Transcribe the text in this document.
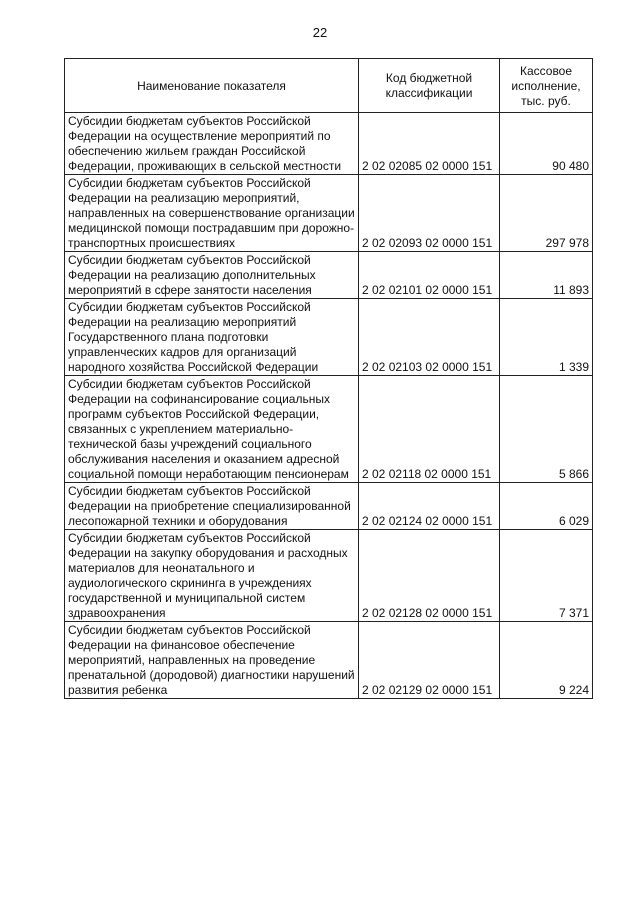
22
Наименование показателя	Код бюджетной классификации	Кассовое исполнение, тыс. руб.
Субсидии бюджетам субъектов Российской Федерации на осуществление мероприятий по обеспечению жильем граждан Российской Федерации, проживающих в сельской местности	2 02 02085 02 0000 151	90 480
Субсидии бюджетам субъектов Российской Федерации на реализацию мероприятий, направленных на совершенствование организации медицинской помощи пострадавшим при дорожно-транспортных происшествиях	2 02 02093 02 0000 151	297 978
Субсидии бюджетам субъектов Российской Федерации на реализацию дополнительных мероприятий в сфере занятости населения	2 02 02101 02 0000 151	11 893
Субсидии бюджетам субъектов Российской Федерации на реализацию мероприятий Государственного плана подготовки управленческих кадров для организаций народного хозяйства Российской Федерации	2 02 02103 02 0000 151	1 339
Субсидии бюджетам субъектов Российской Федерации на софинансирование социальных программ субъектов Российской Федерации, связанных с укреплением материально-технической базы учреждений социального обслуживания населения и оказанием адресной социальной помощи неработающим пенсионерам	2 02 02118 02 0000 151	5 866
Субсидии бюджетам субъектов Российской Федерации на приобретение специализированной лесопожарной техники и оборудования	2 02 02124 02 0000 151	6 029
Субсидии бюджетам субъектов Российской Федерации на закупку оборудования и расходных материалов для неонатального и аудиологического скрининга в учреждениях государственной и муниципальной систем здравоохранения	2 02 02128 02 0000 151	7 371
Субсидии бюджетам субъектов Российской Федерации на финансовое обеспечение мероприятий, направленных на проведение пренатальной (дородовой) диагностики нарушений развития ребенка	2 02 02129 02 0000 151	9 224
